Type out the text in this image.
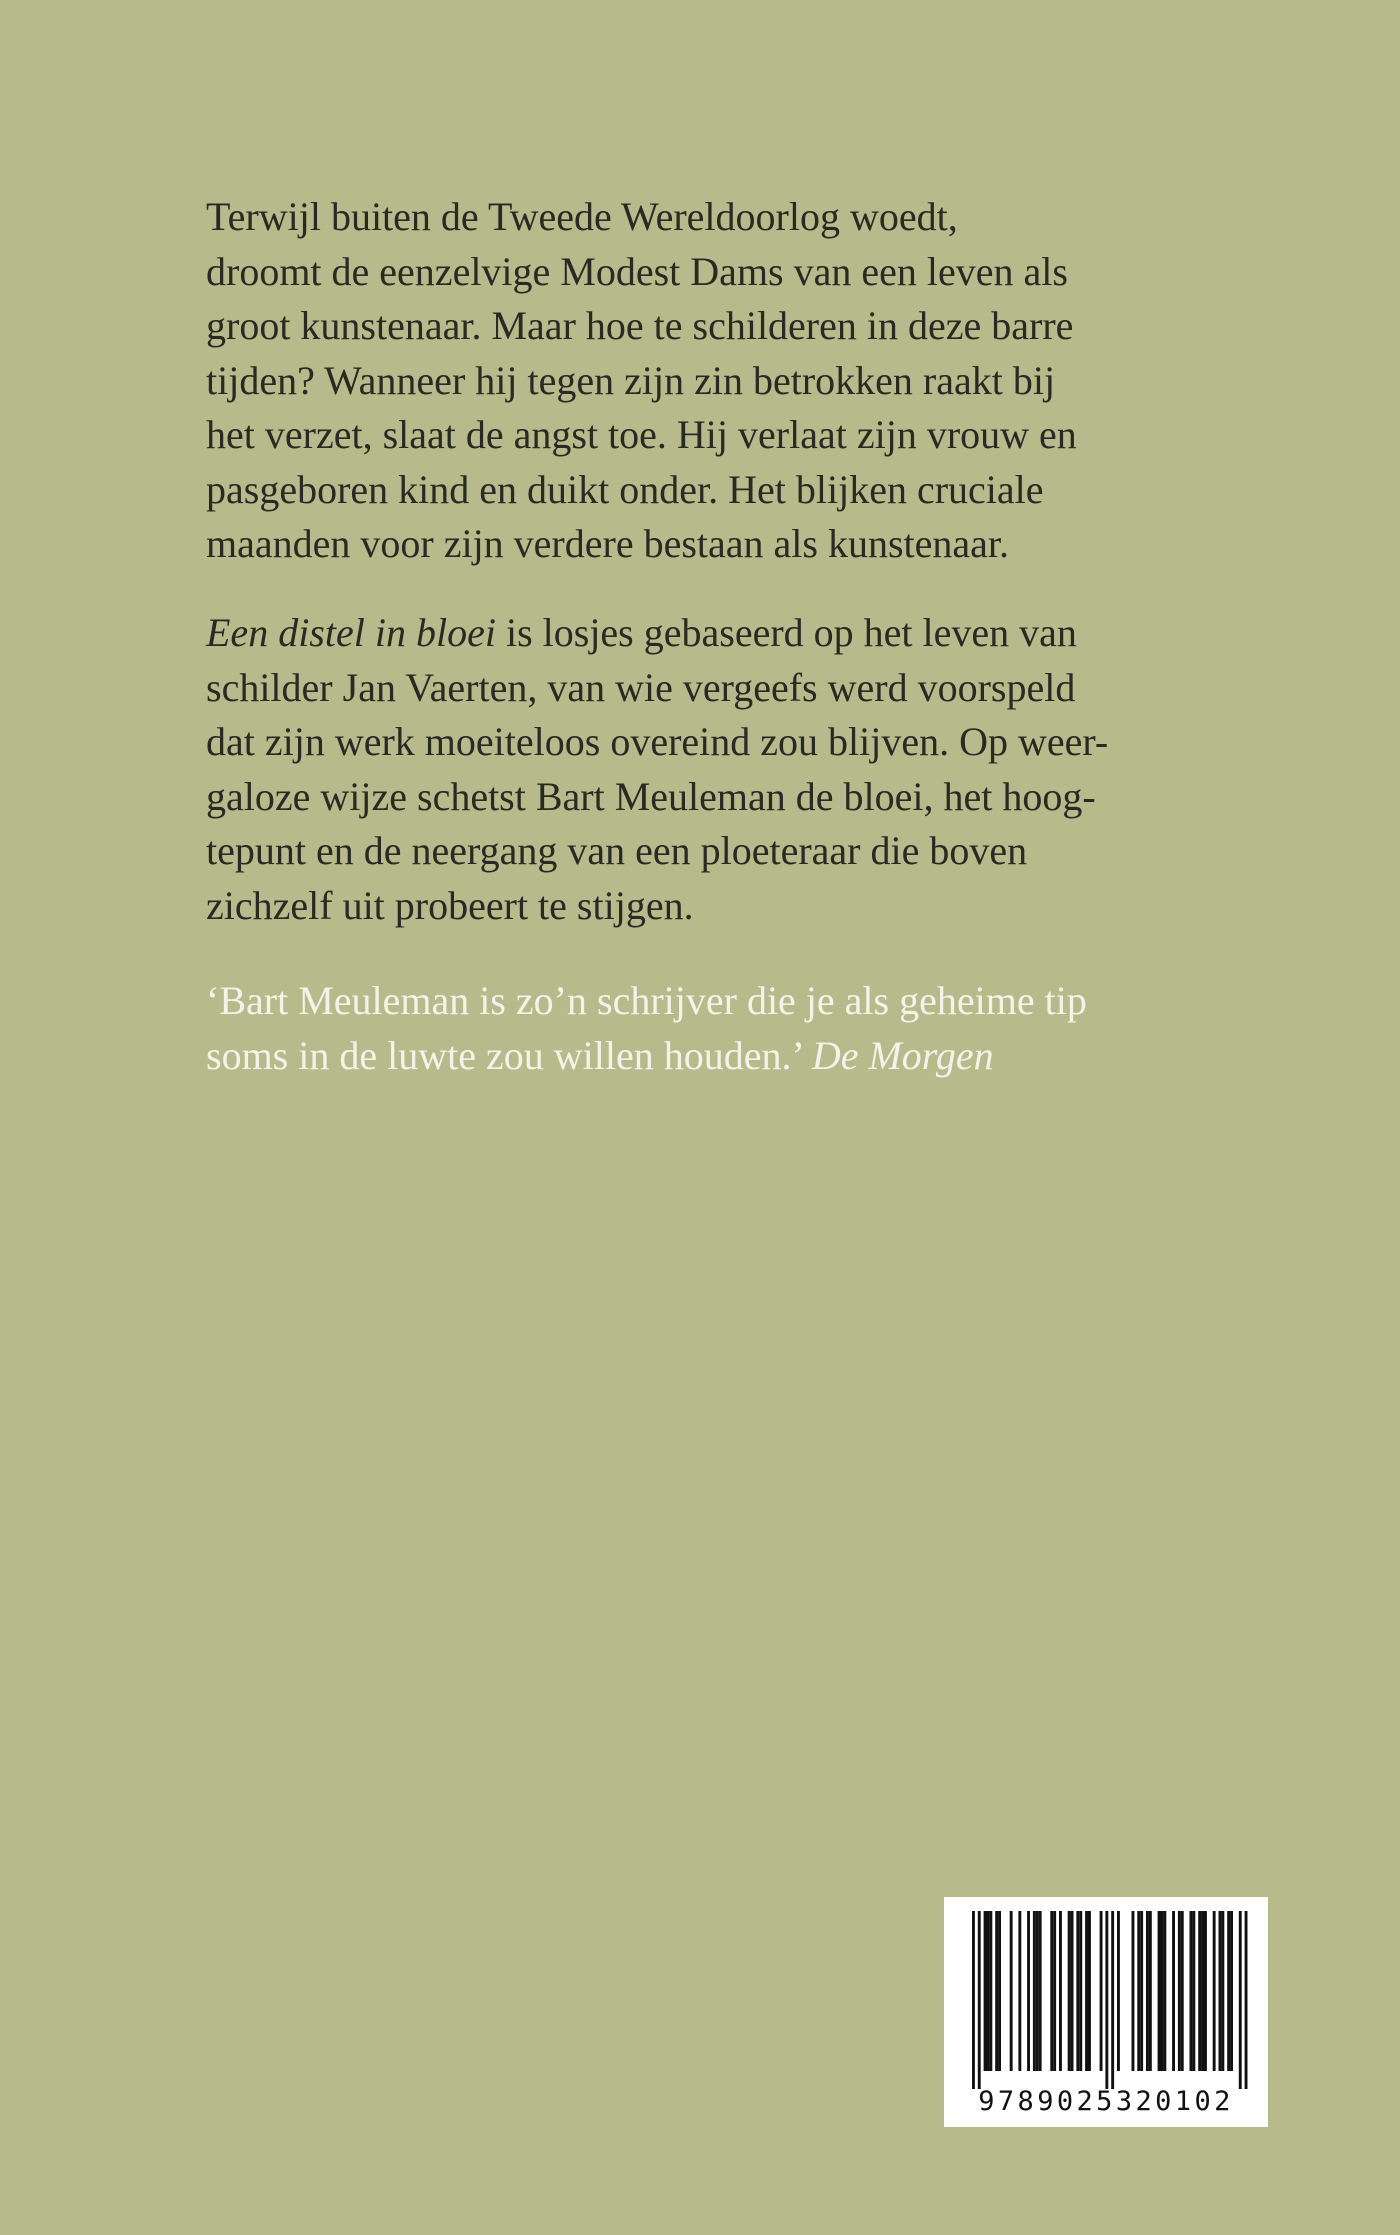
Terwijl buiten de Tweede Wereldoorlog woedt,
droomt de eenzelvige Modest Dams van een leven als
groot kunstenaar. Maar hoe te schilderen in deze barre
tijden? Wanneer hij tegen zijn zin betrokken raakt bij
het verzet, slaat de angst toe. Hij verlaat zijn vrouw en
pasgeboren kind en duikt onder. Het blijken cruciale
maanden voor zijn verdere bestaan als kunstenaar.
Een distel in bloei is losjes gebaseerd op het leven van
schilder Jan Vaerten, van wie vergeefs werd voorspeld
dat zijn werk moeiteloos overeind zou blijven. Op weer-
galoze wijze schetst Bart Meuleman de bloei, het hoog-
tepunt en de neergang van een ploeteraar die boven
zichzelf uit probeert te stijgen.
‘Bart Meuleman is zo’n schrijver die je als geheime tip
soms in de luwte zou willen houden.’ De Morgen
9789025320102
